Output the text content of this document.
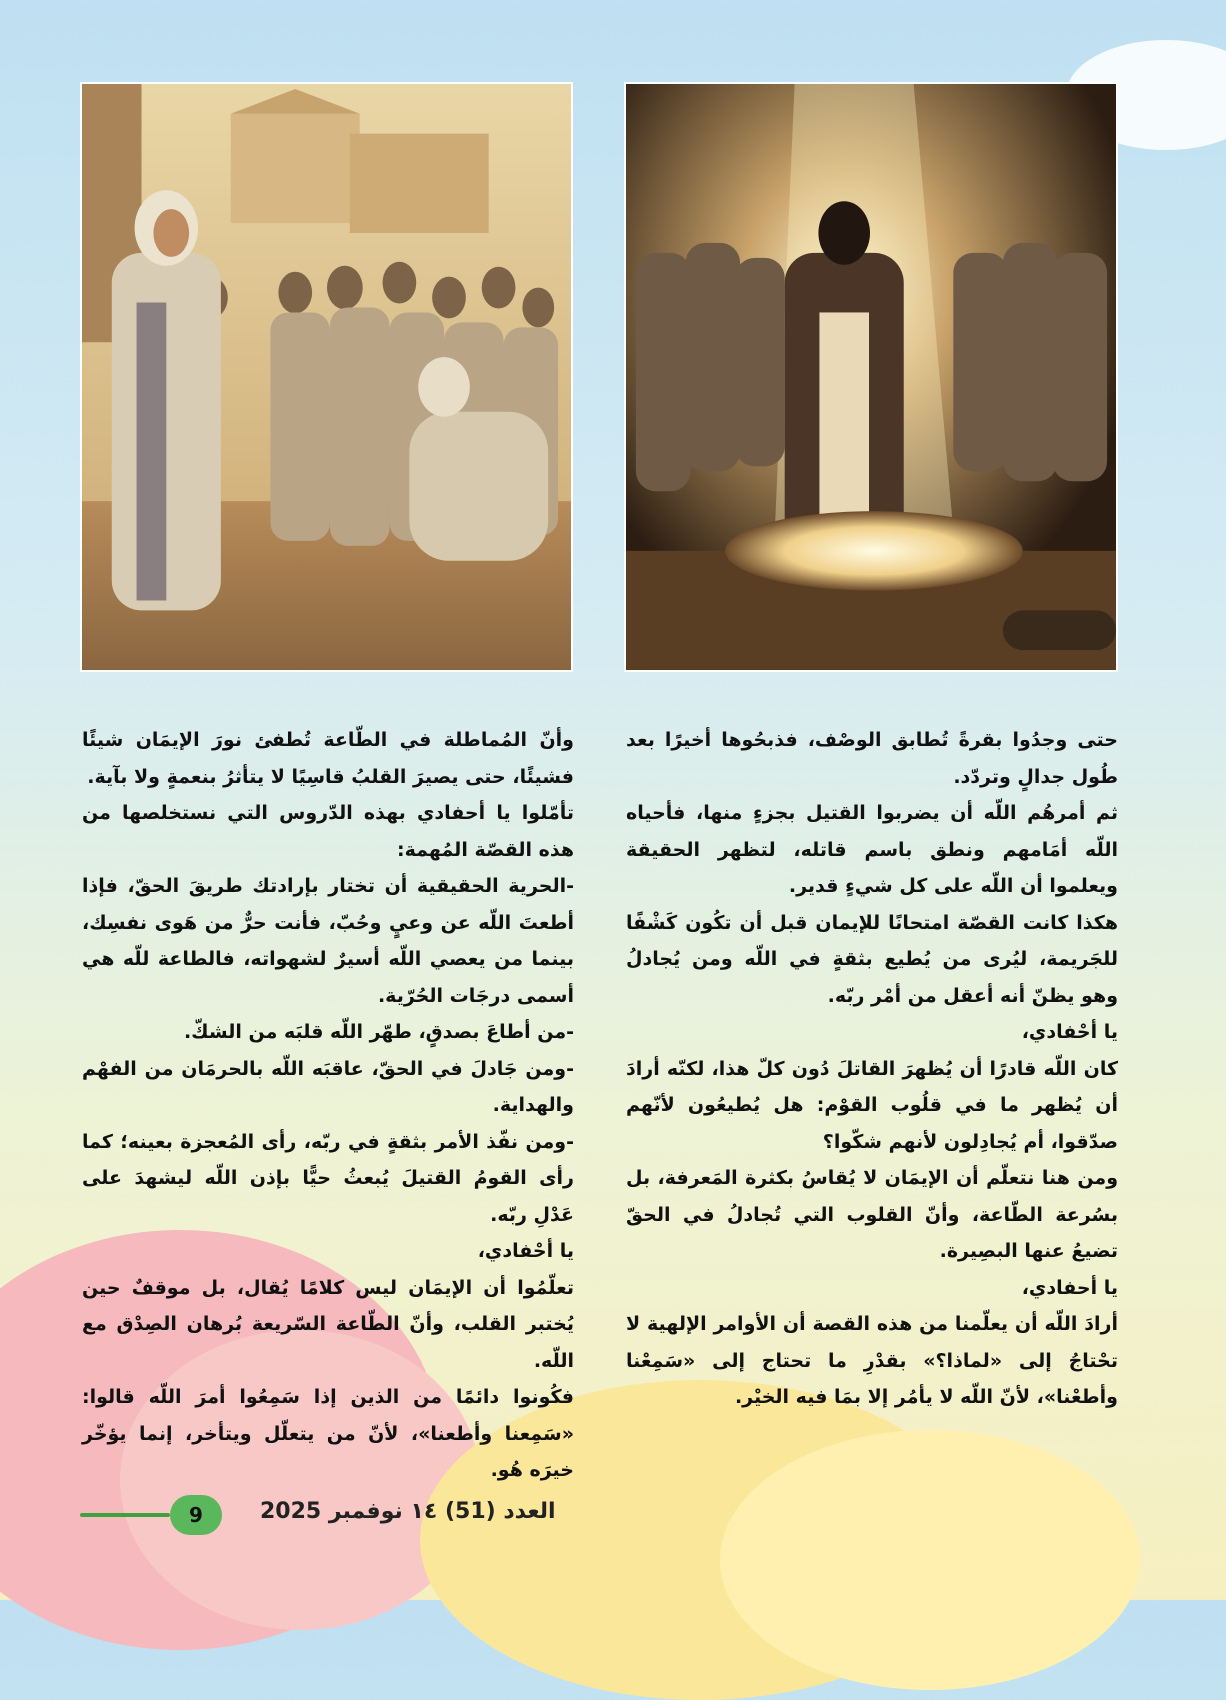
حتى وجدُوا بقرةً تُطابق الوصْف، فذبحُوها أخيرًا بعد طُول جدالٍ وتردّد.

ثم أمرهُم اللّه أن يضربوا القتيل بجزءٍ منها، فأحياه اللّه أمَامهم ونطق باسم قاتله، لتظهر الحقيقة ويعلموا أن اللّه على كل شيءٍ قدير.

هكذا كانت القصّة امتحانًا للإيمان قبل أن تكُون كَشْفًا للجَريمة، ليُرى من يُطيع بثقةٍ في اللّه ومن يُجادلُ وهو يظنّ أنه أعقل من أمْر ربّه.

يا أحْفادي،

كان اللّه قادرًا أن يُظهرَ القاتلَ دُون كلّ هذا، لكنّه أرادَ أن يُظهر ما في قلُوب القوْم: هل يُطيعُون لأنّهم صدّقوا، أم يُجادِلون لأنهم شكّوا؟

ومن هنا نتعلّم أن الإيمَان لا يُقاسُ بكثرة المَعرفة، بل بسُرعة الطّاعة، وأنّ القلوب التي تُجادلُ في الحقّ تضيعُ عنها البصِيرة.

يا أحفادي،

أرادَ اللّه أن يعلّمنا من هذه القصة أن الأوامر الإلهية لا تحْتاجُ إلى «لماذا؟» بقدْرِ ما تحتاج إلى «سَمِعْنا وأطعْنا»، لأنّ اللّه لا يأمُر إلا بمَا فيه الخيْر.

وأنّ المُماطلة في الطّاعة تُطفئ نورَ الإيمَان شيئًا فشيئًا، حتى يصيرَ القلبُ قاسِيًا لا يتأثرُ بنعمةٍ ولا بآية.

تأمّلوا يا أحفادي بهذه الدّروس التي نستخلصها من هذه القصّة المُهمة:

-الحرية الحقيقية أن تختار بإرادتك طريقَ الحقّ، فإذا أطعتَ اللّه عن وعيٍ وحُبّ، فأنت حرٌّ من هَوى نفسِك، بينما من يعصي اللّه أسيرٌ لشهواته، فالطاعة للّه هي أسمى درجَات الحُرّية.

-من أطاعَ بصدقٍ، طهّر اللّه قلبَه من الشكّ.

-ومن جَادلَ في الحقّ، عاقبَه اللّه بالحرمَان من الفهْم والهداية.

-ومن نفّذ الأمر بثقةٍ في ربّه، رأى المُعجزة بعينه؛ كما رأى القومُ القتيلَ يُبعثُ حيًّا بإذن اللّه ليشهدَ على عَدْلِ ربّه.

يا أحْفادي،

تعلّمُوا أن الإيمَان ليس كلامًا يُقال، بل موقفٌ حين يُختبر القلب، وأنّ الطّاعة السّريعة بُرهان الصِدْق مع اللّه.

فكُونوا دائمًا من الذين إذا سَمِعُوا أمرَ اللّه قالوا: «سَمِعنا وأطعنا»، لأنّ من يتعلّل ويتأخر، إنما يؤخّر خيرَه هُو.

9	العدد (51) ١٤ نوفمبر 2025
